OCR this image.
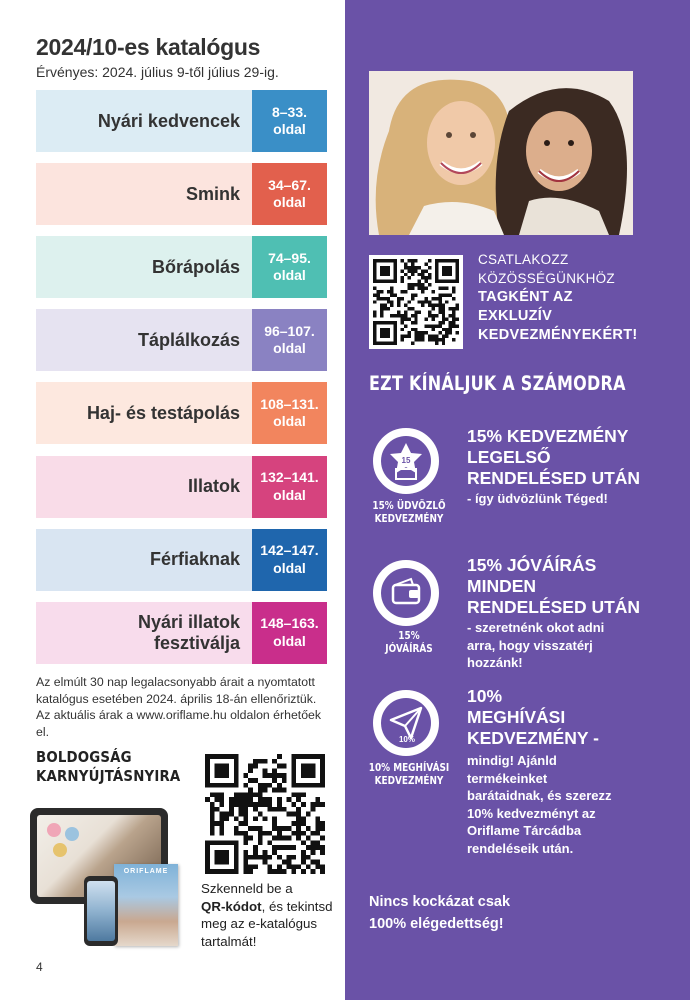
2024/10-es katalógus
Érvényes: 2024. július 9-től július 29-ig.
Nyári kedvencek 8–33.
oldal
Smink 34–67.
oldal
Bőrápolás 74–95.
oldal
Táplálkozás 96–107.
oldal
Haj- és testápolás 108–131.
oldal
Illatok 132–141.
oldal
Férfiaknak 142–147.
oldal
Nyári illatok
fesztiválja
148–163.
oldal
Az elmúlt 30 nap legalacsonyabb árait a nyomtatott katalógus esetében 2024. április 18-án ellenőriztük. Az aktuális árak a www.oriflame.hu oldalon érhetőek el.
BOLDOGSÁG
KARNYÚJTÁSNYIRA
ORIFLAME
Szkenneld be a
QR-kódot, és tekintsd meg az e-katalógus tartalmát!
4
CSATLAKOZZ
KÖZÖSSÉGÜNKHÖZ
TAGKÉNT AZ
EXKLUZÍV
KEDVEZMÉNYEKÉRT!
EZT KÍNÁLJUK A SZÁMODRA
15
15% ÜDVÖZLŐ
KEDVEZMÉNY
15% KEDVEZMÉNY
LEGELSŐ
RENDELÉSED UTÁN
- így üdvözlünk Téged!
15%
JÓVÁÍRÁS
15% JÓVÁÍRÁS
MINDEN
RENDELÉSED UTÁN
- szeretnénk okot adni
arra, hogy visszatérj
hozzánk!
10%
10% MEGHÍVÁSI
KEDVEZMÉNY
10%
MEGHÍVÁSI
KEDVEZMÉNY -
mindig! Ajánld
termékeinket
barátaidnak, és szerezz
10% kedvezményt az
Oriflame Tárcádba
rendeléseik után.
Nincs kockázat csak
100% elégedettség!
